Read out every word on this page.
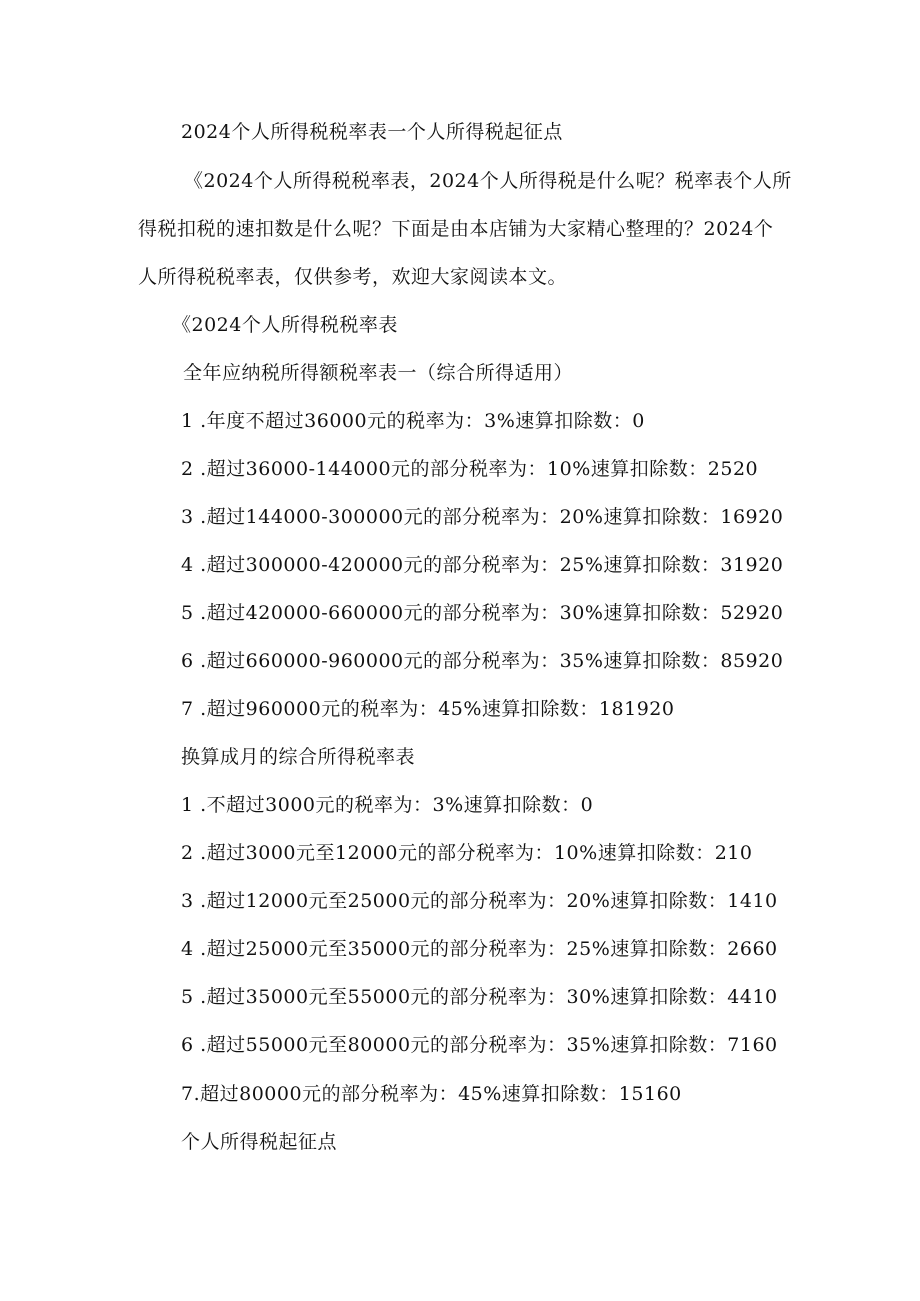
2024个人所得税税率表一个人所得税起征点
《2024个人所得税税率表，2024个人所得税是什么呢？税率表个人所
得税扣税的速扣数是什么呢？下面是由本店铺为大家精心整理的？2024个
人所得税税率表，仅供参考，欢迎大家阅读本文。
《2024个人所得税税率表
全年应纳税所得额税率表一（综合所得适用）
1 .年度不超过36000元的税率为：3%速算扣除数：0
2 .超过36000-144000元的部分税率为：10%速算扣除数：2520
3 .超过144000-300000元的部分税率为：20%速算扣除数：16920
4 .超过300000-420000元的部分税率为：25%速算扣除数：31920
5 .超过420000-660000元的部分税率为：30%速算扣除数：52920
6 .超过660000-960000元的部分税率为：35%速算扣除数：85920
7 .超过960000元的税率为：45%速算扣除数：181920
换算成月的综合所得税率表
1 .不超过3000元的税率为：3%速算扣除数：0
2 .超过3000元至12000元的部分税率为：10%速算扣除数：210
3 .超过12000元至25000元的部分税率为：20%速算扣除数：1410
4 .超过25000元至35000元的部分税率为：25%速算扣除数：2660
5 .超过35000元至55000元的部分税率为：30%速算扣除数：4410
6 .超过55000元至80000元的部分税率为：35%速算扣除数：7160
7.超过80000元的部分税率为：45%速算扣除数：15160
个人所得税起征点
